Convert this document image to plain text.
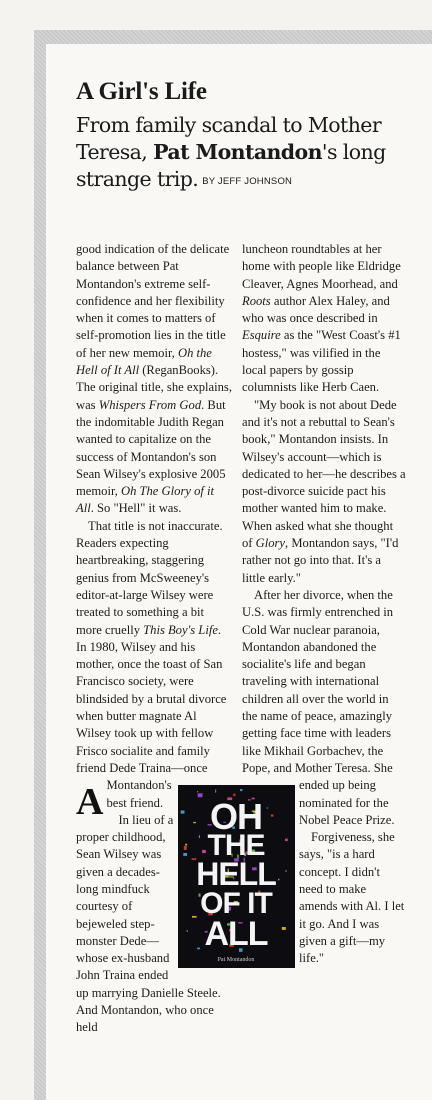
A Girl's Life
From family scandal to Mother Teresa, Pat Montandon's long strange trip. BY JEFF JOHNSON

A
good indication of the delicate balance between Pat Montandon's extreme self-confidence and her flexibility when it comes to matters of self-promotion lies in the title of her new memoir, Oh the Hell of It All (ReganBooks). The original title, she explains, was Whispers From God. But the indomitable Judith Regan wanted to capitalize on the success of Montandon's son Sean Wilsey's explosive 2005 memoir, Oh The Glory of it All. So "Hell" it was.

That title is not inaccurate. Readers expecting heartbreaking, staggering genius from McSweeney's editor-at-large Wilsey were treated to something a bit more cruelly This Boy's Life. In 1980, Wilsey and his mother, once the toast of San Francisco society, were blindsided by a brutal divorce when butter magnate Al Wilsey took up with fellow Frisco socialite and family friend Dede Traina—once Montandon's best friend.

In lieu of a proper childhood, Sean Wilsey was given a decades-long mindfuck courtesy of bejeweled step-monster Dede—whose ex-husband John Traina ended up marrying Danielle Steele. And Montandon, who once held

luncheon roundtables at her home with people like Eldridge Cleaver, Agnes Moorhead, and Roots author Alex Haley, and who was once described in Esquire as the "West Coast's #1 hostess," was vilified in the local papers by gossip columnists like Herb Caen.

"My book is not about Dede and it's not a rebuttal to Sean's book," Montandon insists. In Wilsey's account—which is dedicated to her—he describes a post-divorce suicide pact his mother wanted him to make. When asked what she thought of Glory, Montandon says, "I'd rather not go into that. It's a little early."

After her divorce, when the U.S. was firmly entrenched in Cold War nuclear paranoia, Montandon abandoned the socialite's life and began traveling with international children all over the world in the name of peace, amazingly getting face time with leaders like Mikhail Gorbachev, the Pope, and Mother Teresa. She ended up being nominated for the Nobel Peace Prize.

Forgiveness, she says, "is a hard concept. I didn't need to make amends with Al. I let it go. And I was given a gift—my life."

OH
THE
HELL
OF IT
ALL
Pat Montandon
